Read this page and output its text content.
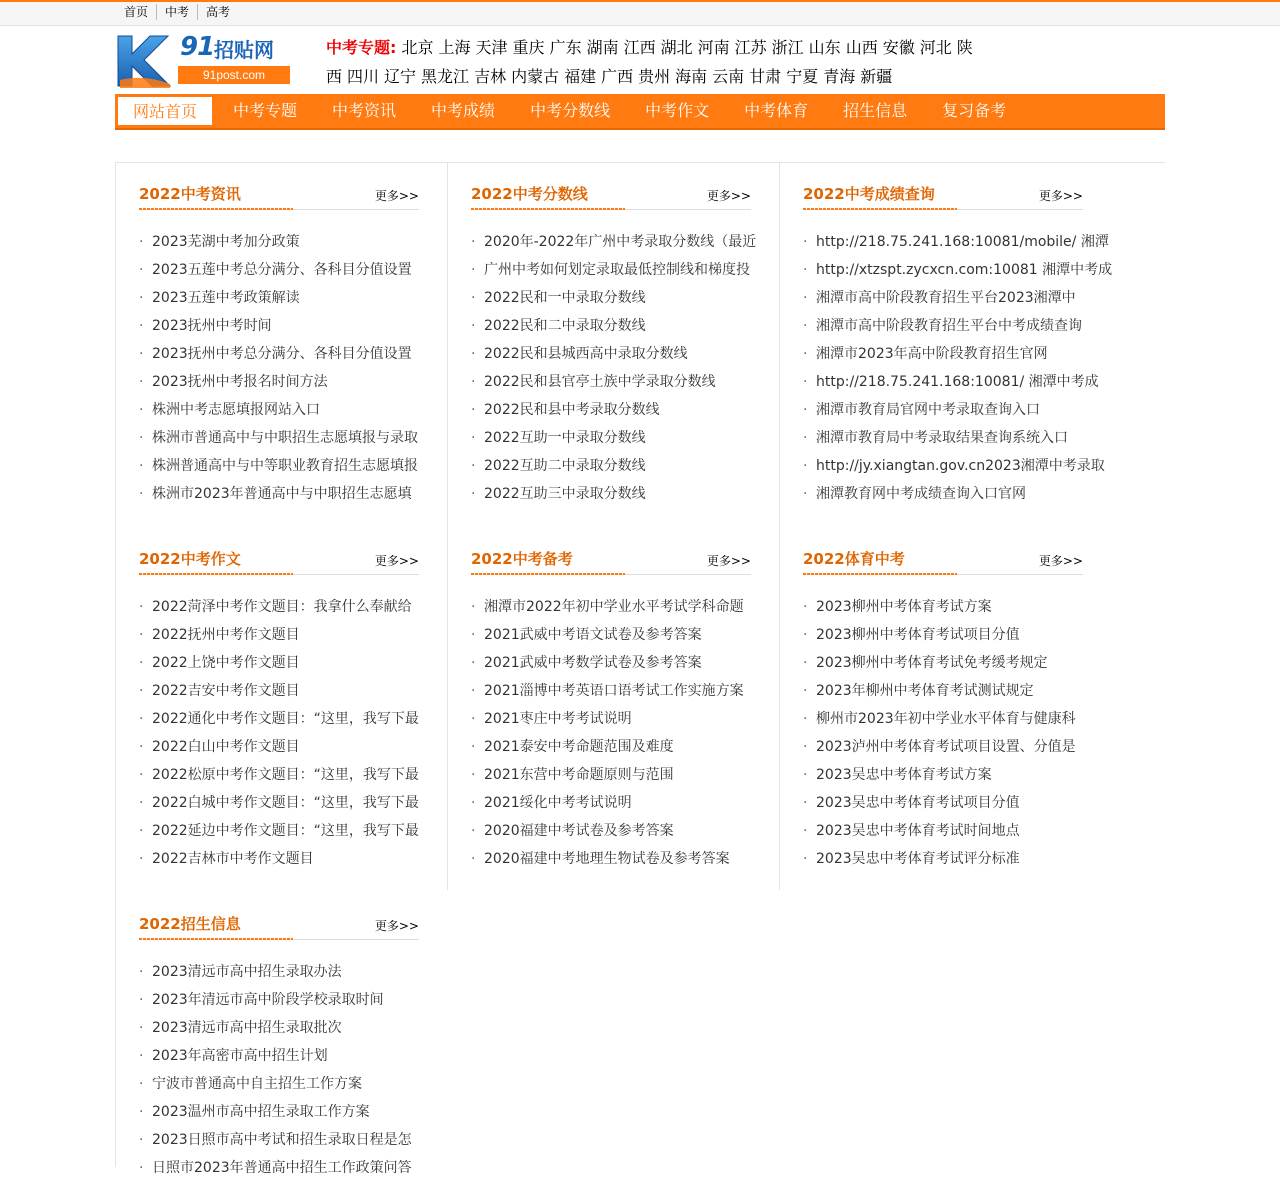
首页	中考	高考
91 招贴网
91post.com
中考专题: 北京 上海 天津 重庆 广东 湖南 江西 湖北 河南 江苏 浙江 山东 山西 安徽 河北 陕西 四川 辽宁 黑龙江 吉林 内蒙古 福建 广西 贵州 海南 云南 甘肃 宁夏 青海 新疆
网站首页	中考专题	中考资讯	中考成绩	中考分数线	中考作文	中考体育	招生信息	复习备考
2022中考资讯	更多>>
· 2023芜湖中考加分政策
· 2023五莲中考总分满分、各科目分值设置
· 2023五莲中考政策解读
· 2023抚州中考时间
· 2023抚州中考总分满分、各科目分值设置
· 2023抚州中考报名时间方法
· 株洲中考志愿填报网站入口
· 株洲市普通高中与中职招生志愿填报与录取
· 株洲普通高中与中等职业教育招生志愿填报
· 株洲市2023年普通高中与中职招生志愿填
2022中考分数线	更多>>
· 2020年-2022年广州中考录取分数线（最近
· 广州中考如何划定录取最低控制线和梯度投
· 2022民和一中录取分数线
· 2022民和二中录取分数线
· 2022民和县城西高中录取分数线
· 2022民和县官亭土族中学录取分数线
· 2022民和县中考录取分数线
· 2022互助一中录取分数线
· 2022互助二中录取分数线
· 2022互助三中录取分数线
2022中考成绩查询	更多>>
· http://218.75.241.168:10081/mobile/ 湘潭
· http://xtzspt.zycxcn.com:10081 湘潭中考成
· 湘潭市高中阶段教育招生平台2023湘潭中
· 湘潭市高中阶段教育招生平台中考成绩查询
· 湘潭市2023年高中阶段教育招生官网
· http://218.75.241.168:10081/ 湘潭中考成
· 湘潭市教育局官网中考录取查询入口
· 湘潭市教育局中考录取结果查询系统入口
· http://jy.xiangtan.gov.cn2023湘潭中考录取
· 湘潭教育网中考成绩查询入口官网
2022中考作文	更多>>
· 2022菏泽中考作文题目：我拿什么奉献给
· 2022抚州中考作文题目
· 2022上饶中考作文题目
· 2022吉安中考作文题目
· 2022通化中考作文题目：“这里，我写下最
· 2022白山中考作文题目
· 2022松原中考作文题目：“这里，我写下最
· 2022白城中考作文题目：“这里，我写下最
· 2022延边中考作文题目：“这里，我写下最
· 2022吉林市中考作文题目
2022中考备考	更多>>
· 湘潭市2022年初中学业水平考试学科命题
· 2021武威中考语文试卷及参考答案
· 2021武威中考数学试卷及参考答案
· 2021淄博中考英语口语考试工作实施方案
· 2021枣庄中考考试说明
· 2021泰安中考命题范围及难度
· 2021东营中考命题原则与范围
· 2021绥化中考考试说明
· 2020福建中考试卷及参考答案
· 2020福建中考地理生物试卷及参考答案
2022体育中考	更多>>
· 2023柳州中考体育考试方案
· 2023柳州中考体育考试项目分值
· 2023柳州中考体育考试免考缓考规定
· 2023年柳州中考体育考试测试规定
· 柳州市2023年初中学业水平体育与健康科
· 2023泸州中考体育考试项目设置、分值是
· 2023吴忠中考体育考试方案
· 2023吴忠中考体育考试项目分值
· 2023吴忠中考体育考试时间地点
· 2023吴忠中考体育考试评分标准
2022招生信息	更多>>
· 2023清远市高中招生录取办法
· 2023年清远市高中阶段学校录取时间
· 2023清远市高中招生录取批次
· 2023年高密市高中招生计划
· 宁波市普通高中自主招生工作方案
· 2023温州市高中招生录取工作方案
· 2023日照市高中考试和招生录取日程是怎
· 日照市2023年普通高中招生工作政策问答
